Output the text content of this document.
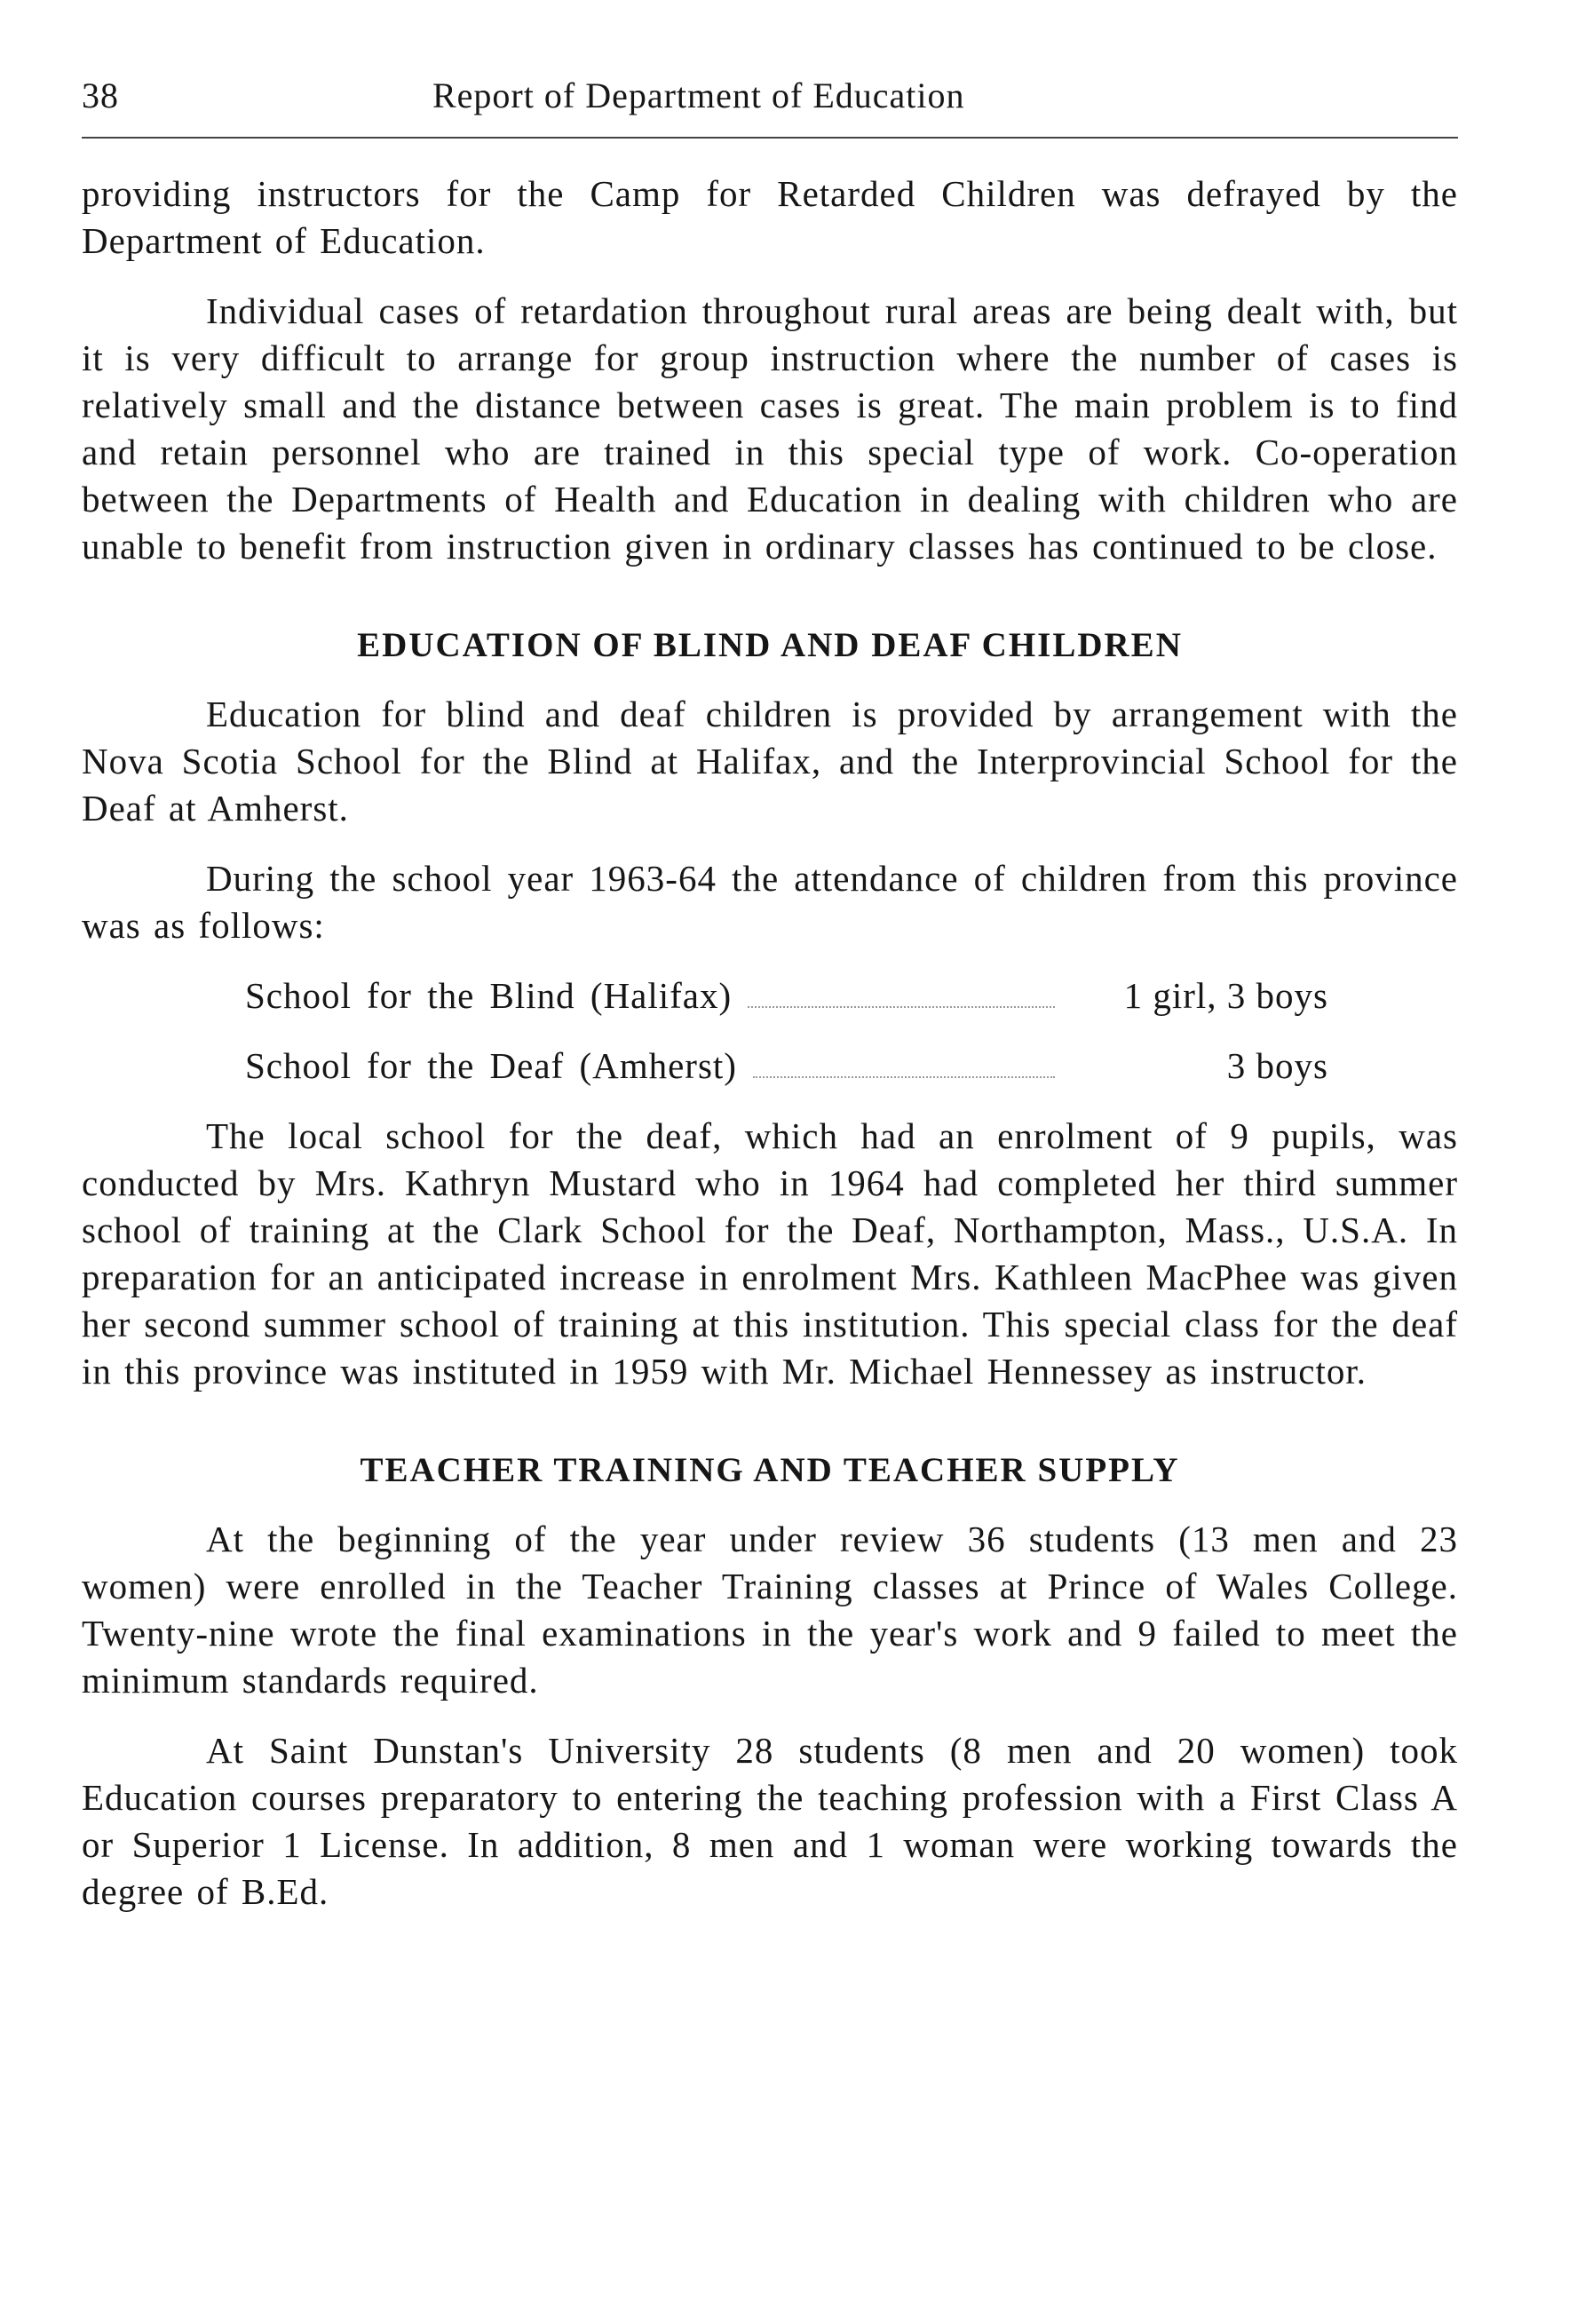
38	Report of Department of Education

providing instructors for the Camp for Retarded Children was defrayed by the Department of Education.

Individual cases of retardation throughout rural areas are being dealt with, but it is very difficult to arrange for group instruction where the number of cases is relatively small and the distance between cases is great. The main problem is to find and retain personnel who are trained in this special type of work. Co-operation between the Departments of Health and Education in dealing with children who are unable to benefit from instruction given in ordinary classes has continued to be close.

EDUCATION OF BLIND AND DEAF CHILDREN

Education for blind and deaf children is provided by arrangement with the Nova Scotia School for the Blind at Halifax, and the Interprovincial School for the Deaf at Amherst.

During the school year 1963-64 the attendance of children from this province was as follows:

School for the Blind (Halifax)	1 girl, 3 boys
School for the Deaf (Amherst)	3 boys

The local school for the deaf, which had an enrolment of 9 pupils, was conducted by Mrs. Kathryn Mustard who in 1964 had completed her third summer school of training at the Clark School for the Deaf, Northampton, Mass., U.S.A. In preparation for an anticipated increase in enrolment Mrs. Kathleen MacPhee was given her second summer school of training at this institution. This special class for the deaf in this province was instituted in 1959 with Mr. Michael Hennessey as instructor.

TEACHER TRAINING AND TEACHER SUPPLY

At the beginning of the year under review 36 students (13 men and 23 women) were enrolled in the Teacher Training classes at Prince of Wales College. Twenty-nine wrote the final examinations in the year's work and 9 failed to meet the minimum standards required.

At Saint Dunstan's University 28 students (8 men and 20 women) took Education courses preparatory to entering the teaching profession with a First Class A or Superior 1 License. In addition, 8 men and 1 woman were working towards the degree of B.Ed.
